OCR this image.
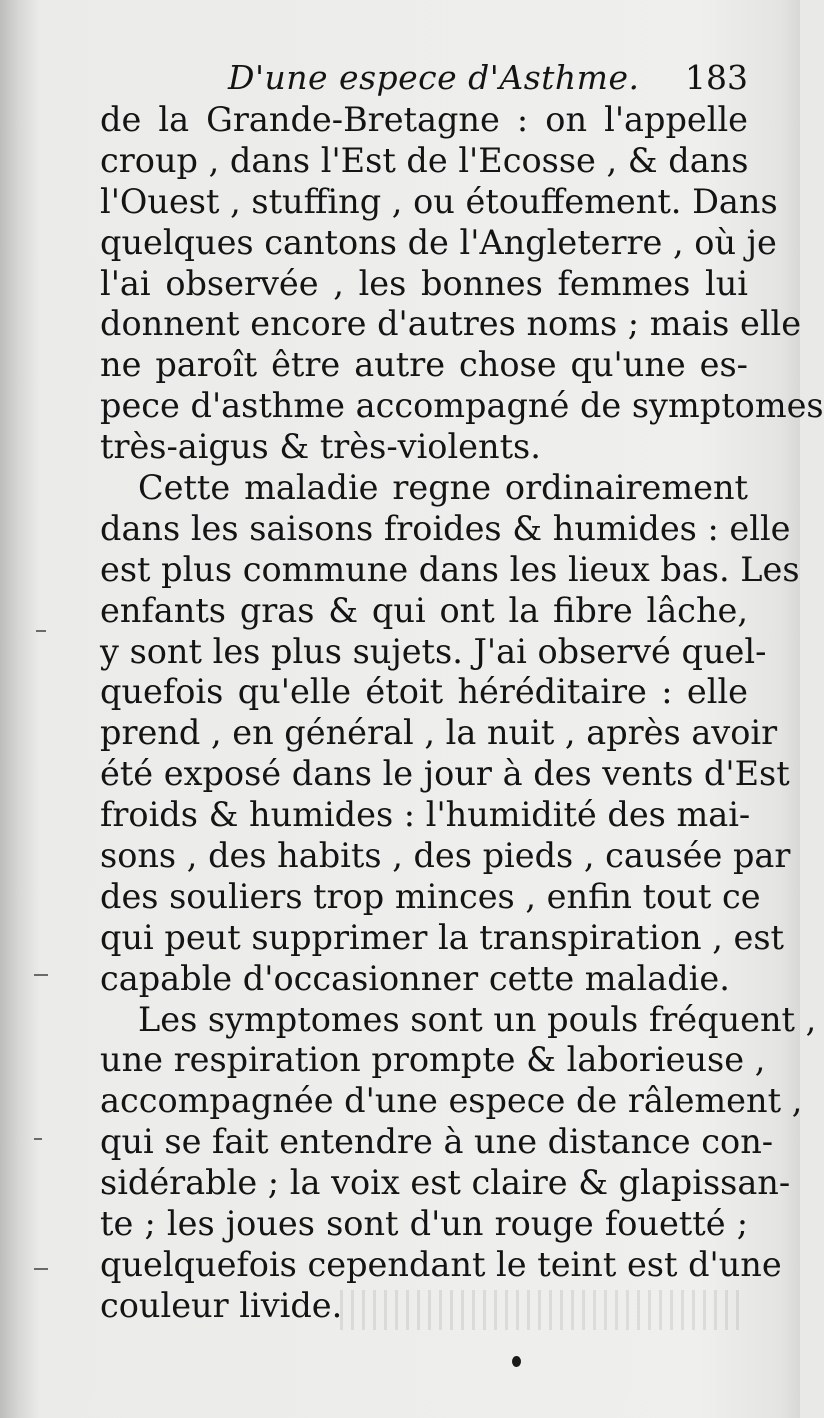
D'une espece d'Asthme. 183
de la Grande-Bretagne : on l'appelle
croup , dans l'Est de l'Ecosse , & dans
l'Ouest , stuffing , ou étouffement. Dans
quelques cantons de l'Angleterre , où je
l'ai observée , les bonnes femmes lui
donnent encore d'autres noms ; mais elle
ne paroît être autre chose qu'une es-
pece d'asthme accompagné de symptomes
très-aigus & très-violents.
Cette maladie regne ordinairement
dans les saisons froides & humides : elle
est plus commune dans les lieux bas. Les
enfants gras & qui ont la fibre lâche,
y sont les plus sujets. J'ai observé quel-
quefois qu'elle étoit héréditaire : elle
prend , en général , la nuit , après avoir
été exposé dans le jour à des vents d'Est
froids & humides : l'humidité des mai-
sons , des habits , des pieds , causée par
des souliers trop minces , enfin tout ce
qui peut supprimer la transpiration , est
capable d'occasionner cette maladie.
Les symptomes sont un pouls fréquent ,
une respiration prompte & laborieuse ,
accompagnée d'une espece de râlement ,
qui se fait entendre à une distance con-
sidérable ; la voix est claire & glapissan-
te ; les joues sont d'un rouge fouetté ;
quelquefois cependant le teint est d'une
couleur livide.
